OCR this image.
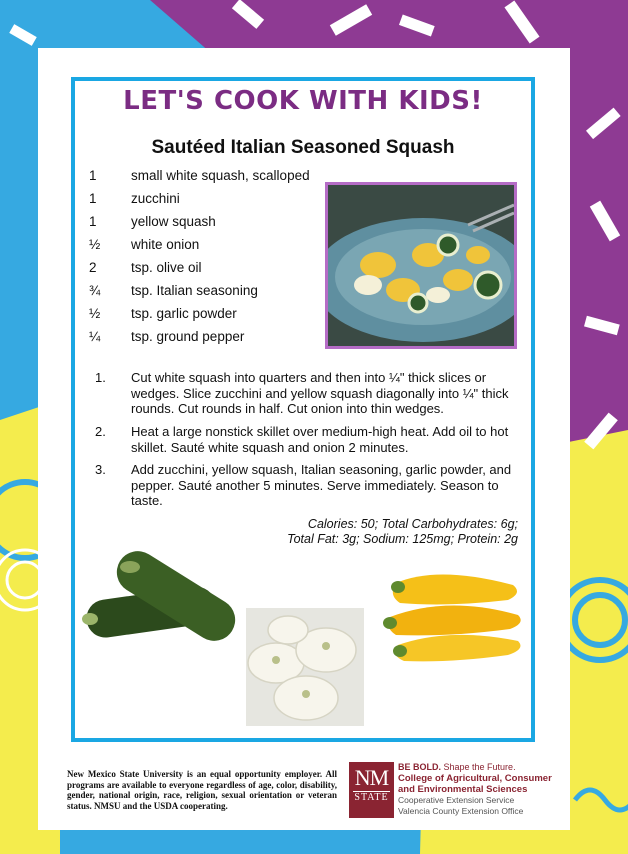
LET'S COOK WITH KIDS!
Sautéed Italian Seasoned Squash
1	small white squash, scalloped
1	zucchini
1	yellow squash
½	white onion
2	tsp. olive oil
¾	tsp. Italian seasoning
½	tsp. garlic powder
¼	tsp. ground pepper
1.	Cut white squash into quarters and then into ¼" thick slices or wedges. Slice zucchini and yellow squash diagonally into ¼" thick rounds. Cut rounds in half. Cut onion into thin wedges.
2.	Heat a large nonstick skillet over medium-high heat. Add oil to hot skillet. Sauté white squash and onion 2 minutes.
3.	Add zucchini, yellow squash, Italian seasoning, garlic powder, and pepper. Sauté another 5 minutes. Serve immediately. Season to taste.
Calories: 50; Total Carbohydrates: 6g;
Total Fat: 3g; Sodium: 125mg; Protein: 2g
New Mexico State University is an equal opportunity employer. All programs are available to everyone regardless of age, color, disability, gender, national origin, race, religion, sexual orientation or veteran status. NMSU and the USDA cooperating.
NM
STATE
BE BOLD. Shape the Future.
College of Agricultural, Consumer
and Environmental Sciences
Cooperative Extension Service
Valencia County Extension Office
